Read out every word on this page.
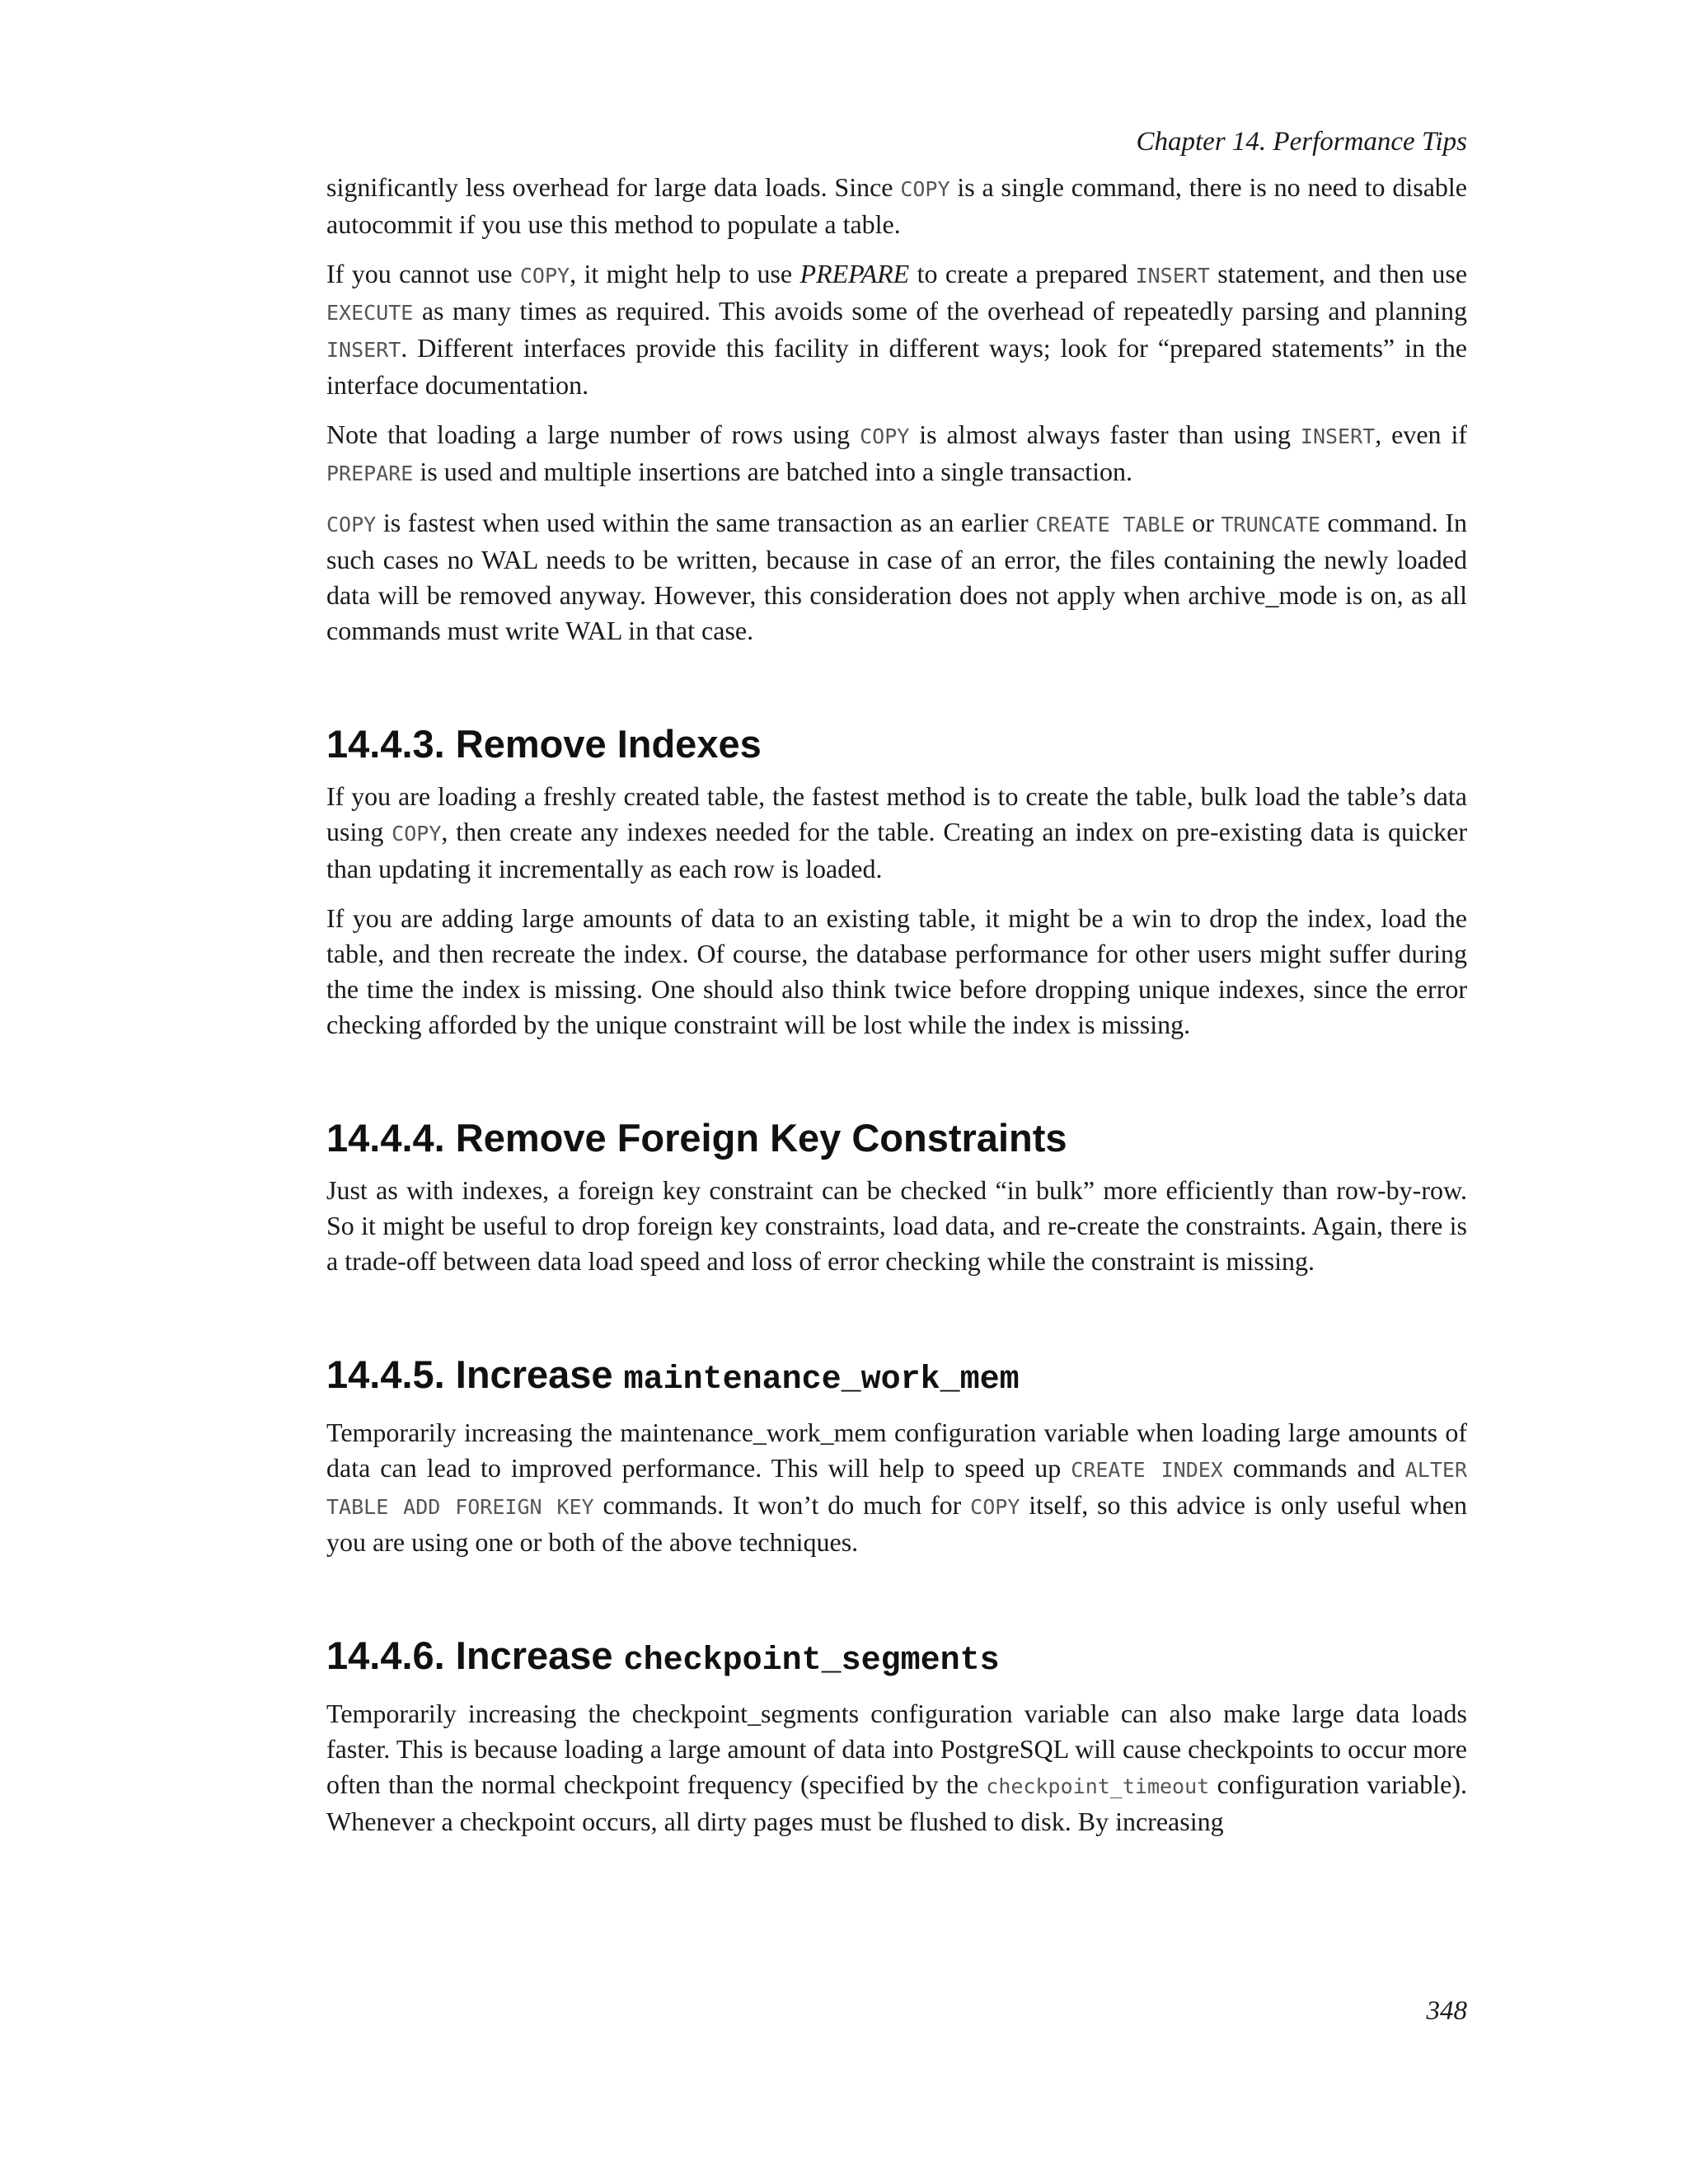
Chapter 14. Performance Tips

significantly less overhead for large data loads. Since COPY is a single command, there is no need to disable autocommit if you use this method to populate a table.

If you cannot use COPY, it might help to use PREPARE to create a prepared INSERT statement, and then use EXECUTE as many times as required. This avoids some of the overhead of repeatedly parsing and planning INSERT. Different interfaces provide this facility in different ways; look for “prepared statements” in the interface documentation.

Note that loading a large number of rows using COPY is almost always faster than using INSERT, even if PREPARE is used and multiple insertions are batched into a single transaction.

COPY is fastest when used within the same transaction as an earlier CREATE TABLE or TRUNCATE command. In such cases no WAL needs to be written, because in case of an error, the files containing the newly loaded data will be removed anyway. However, this consideration does not apply when archive_mode is on, as all commands must write WAL in that case.

14.4.3. Remove Indexes

If you are loading a freshly created table, the fastest method is to create the table, bulk load the table’s data using COPY, then create any indexes needed for the table. Creating an index on pre-existing data is quicker than updating it incrementally as each row is loaded.

If you are adding large amounts of data to an existing table, it might be a win to drop the index, load the table, and then recreate the index. Of course, the database performance for other users might suffer during the time the index is missing. One should also think twice before dropping unique indexes, since the error checking afforded by the unique constraint will be lost while the index is missing.

14.4.4. Remove Foreign Key Constraints

Just as with indexes, a foreign key constraint can be checked “in bulk” more efficiently than row-by-row. So it might be useful to drop foreign key constraints, load data, and re-create the constraints. Again, there is a trade-off between data load speed and loss of error checking while the constraint is missing.

14.4.5. Increase maintenance_work_mem

Temporarily increasing the maintenance_work_mem configuration variable when loading large amounts of data can lead to improved performance. This will help to speed up CREATE INDEX commands and ALTER TABLE ADD FOREIGN KEY commands. It won’t do much for COPY itself, so this advice is only useful when you are using one or both of the above techniques.

14.4.6. Increase checkpoint_segments

Temporarily increasing the checkpoint_segments configuration variable can also make large data loads faster. This is because loading a large amount of data into PostgreSQL will cause checkpoints to occur more often than the normal checkpoint frequency (specified by the checkpoint_timeout configuration variable). Whenever a checkpoint occurs, all dirty pages must be flushed to disk. By increasing

348
